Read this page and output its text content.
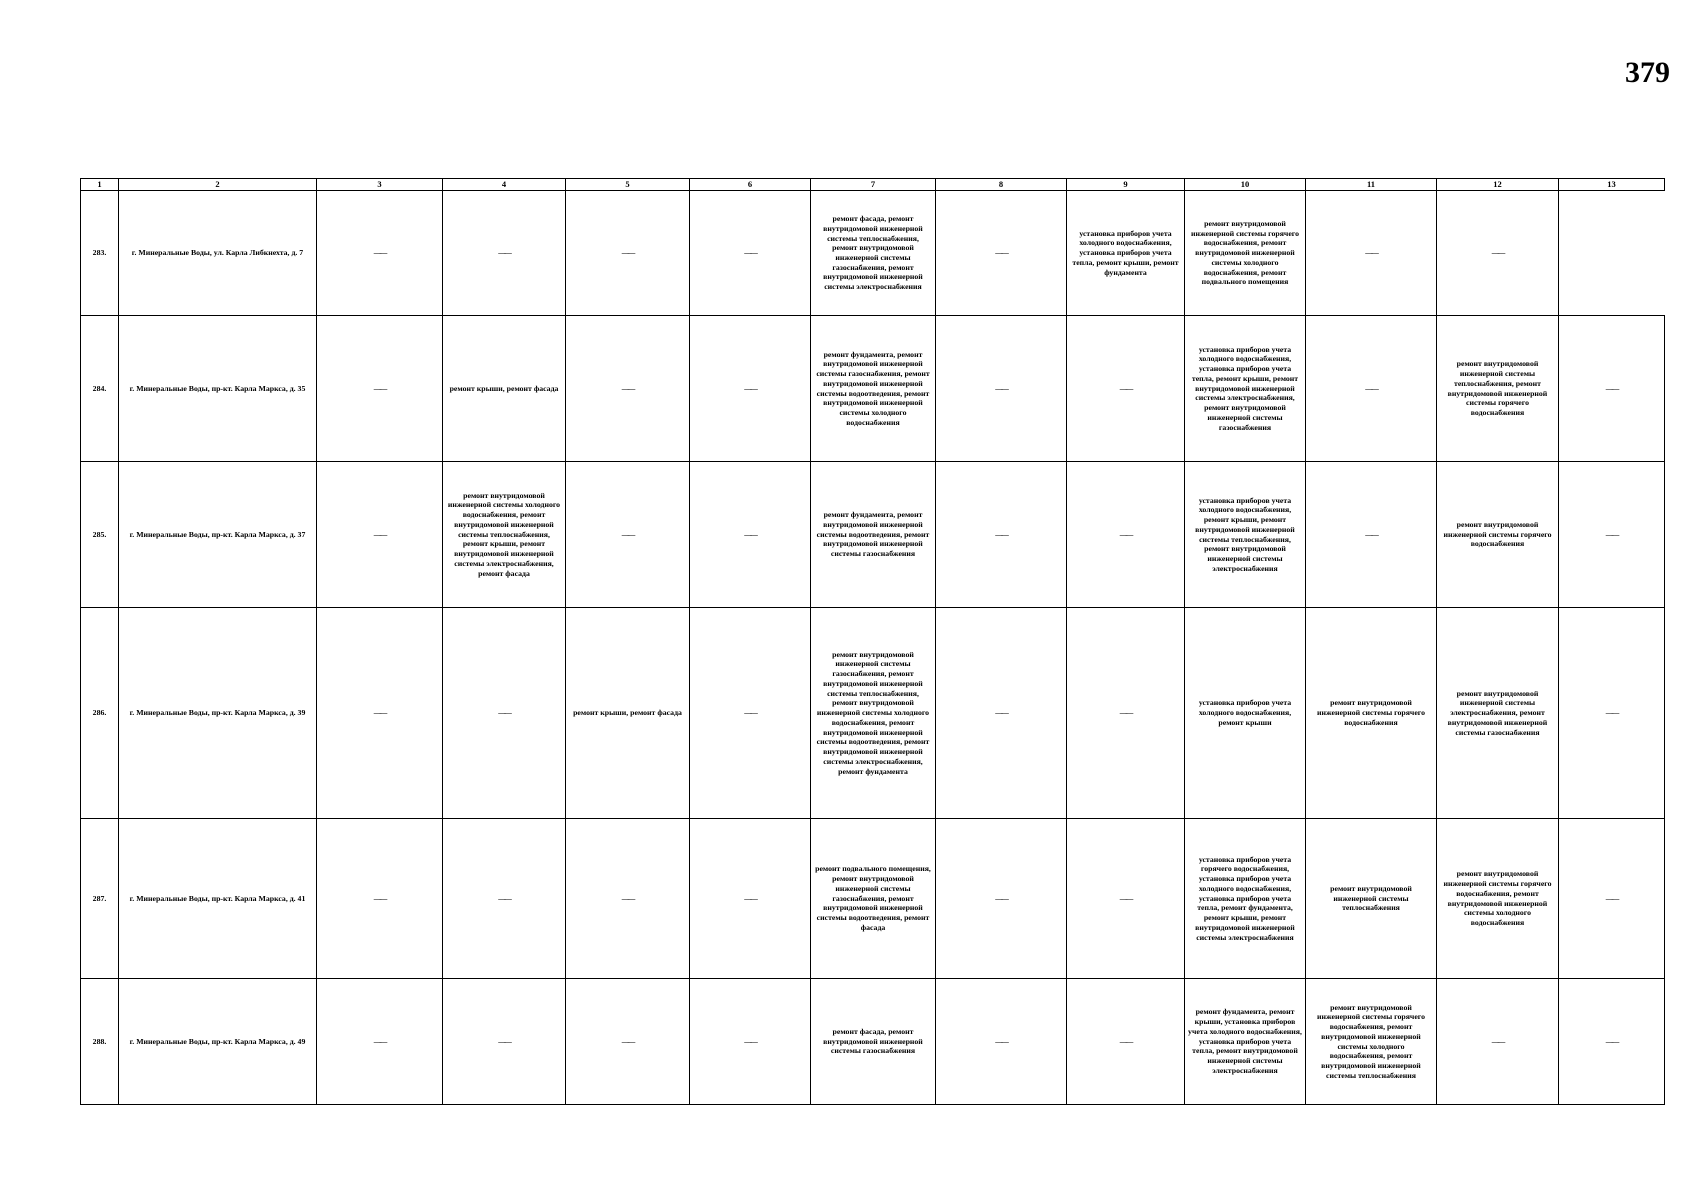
379
1	2	3	4	5	6	7	8	9	10	11	12	13
283.	г. Минеральные Воды, ул. Карла Либкнехта, д. 7	——	——	——	——	ремонт фасада, ремонт внутридомовой инженерной системы теплоснабжения, ремонт внутридомовой инженерной системы газоснабжения, ремонт внутридомовой инженерной системы электроснабжения	——	установка приборов учета холодного водоснабжения, установка приборов учета тепла, ремонт крыши, ремонт фундамента	ремонт внутридомовой инженерной системы горячего водоснабжения, ремонт внутридомовой инженерной системы холодного водоснабжения, ремонт подвального помещения	——	——	
284.	г. Минеральные Воды, пр-кт. Карла Маркса, д. 35	——	ремонт крыши, ремонт фасада	——	——	ремонт фундамента, ремонт внутридомовой инженерной системы газоснабжения, ремонт внутридомовой инженерной системы водоотведения, ремонт внутридомовой инженерной системы холодного водоснабжения	——	——	установка приборов учета холодного водоснабжения, установка приборов учета тепла, ремонт крыши, ремонт внутридомовой инженерной системы электроснабжения, ремонт внутридомовой инженерной системы газоснабжения	——	ремонт внутридомовой инженерной системы теплоснабжения, ремонт внутридомовой инженерной системы горячего водоснабжения	——
285.	г. Минеральные Воды, пр-кт. Карла Маркса, д. 37	——	ремонт внутридомовой инженерной системы холодного водоснабжения, ремонт внутридомовой инженерной системы теплоснабжения, ремонт крыши, ремонт внутридомовой инженерной системы электроснабжения, ремонт фасада	——	——	ремонт фундамента, ремонт внутридомовой инженерной системы водоотведения, ремонт внутридомовой инженерной системы газоснабжения	——	——	установка приборов учета холодного водоснабжения, ремонт крыши, ремонт внутридомовой инженерной системы теплоснабжения, ремонт внутридомовой инженерной системы электроснабжения	——	ремонт внутридомовой инженерной системы горячего водоснабжения	——
286.	г. Минеральные Воды, пр-кт. Карла Маркса, д. 39	——	——	ремонт крыши, ремонт фасада	——	ремонт внутридомовой инженерной системы газоснабжения, ремонт внутридомовой инженерной системы теплоснабжения, ремонт внутридомовой инженерной системы холодного водоснабжения, ремонт внутридомовой инженерной системы водоотведения, ремонт внутридомовой инженерной системы электроснабжения, ремонт фундамента	——	——	установка приборов учета холодного водоснабжения, ремонт крыши	ремонт внутридомовой инженерной системы горячего водоснабжения	ремонт внутридомовой инженерной системы электроснабжения, ремонт внутридомовой инженерной системы газоснабжения	——
287.	г. Минеральные Воды, пр-кт. Карла Маркса, д. 41	——	——	——	——	ремонт подвального помещения, ремонт внутридомовой инженерной системы газоснабжения, ремонт внутридомовой инженерной системы водоотведения, ремонт фасада	——	——	установка приборов учета горячего водоснабжения, установка приборов учета холодного водоснабжения, установка приборов учета тепла, ремонт фундамента, ремонт крыши, ремонт внутридомовой инженерной системы электроснабжения	ремонт внутридомовой инженерной системы теплоснабжения	ремонт внутридомовой инженерной системы горячего водоснабжения, ремонт внутридомовой инженерной системы холодного водоснабжения	——
288.	г. Минеральные Воды, пр-кт. Карла Маркса, д. 49	——	——	——	——	ремонт фасада, ремонт внутридомовой инженерной системы газоснабжения	——	——	ремонт фундамента, ремонт крыши, установка приборов учета холодного водоснабжения, установка приборов учета тепла, ремонт внутридомовой инженерной системы электроснабжения	ремонт внутридомовой инженерной системы горячего водоснабжения, ремонт внутридомовой инженерной системы холодного водоснабжения, ремонт внутридомовой инженерной системы теплоснабжения	——	——
